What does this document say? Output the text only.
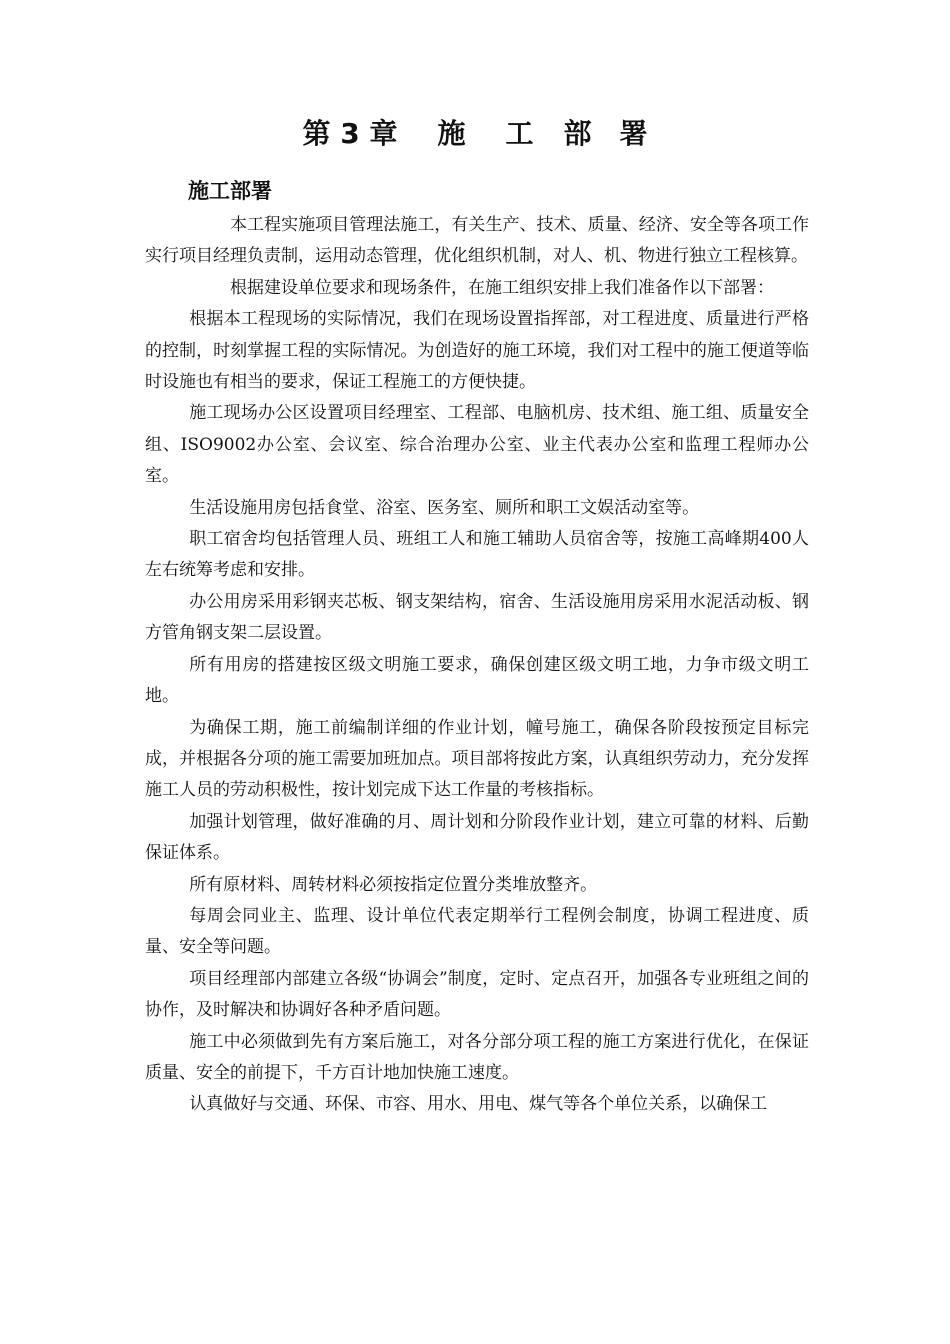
第 3 章 施 工 部 署
施工部署

本工程实施项目管理法施工，有关生产、技术、质量、经济、安全等各项工作实行项目经理负责制，运用动态管理，优化组织机制，对人、机、物进行独立工程核算。

根据建设单位要求和现场条件，在施工组织安排上我们准备作以下部署：

根据本工程现场的实际情况，我们在现场设置指挥部，对工程进度、质量进行严格的控制，时刻掌握工程的实际情况。为创造好的施工环境，我们对工程中的施工便道等临时设施也有相当的要求，保证工程施工的方便快捷。

施工现场办公区设置项目经理室、工程部、电脑机房、技术组、施工组、质量安全组、ISO9002办公室、会议室、综合治理办公室、业主代表办公室和监理工程师办公室。

生活设施用房包括食堂、浴室、医务室、厕所和职工文娱活动室等。

职工宿舍均包括管理人员、班组工人和施工辅助人员宿舍等，按施工高峰期400人左右统筹考虑和安排。

办公用房采用彩钢夹芯板、钢支架结构，宿舍、生活设施用房采用水泥活动板、钢方管角钢支架二层设置。

所有用房的搭建按区级文明施工要求，确保创建区级文明工地，力争市级文明工地。

为确保工期，施工前编制详细的作业计划，幢号施工，确保各阶段按预定目标完成，并根据各分项的施工需要加班加点。项目部将按此方案，认真组织劳动力，充分发挥施工人员的劳动积极性，按计划完成下达工作量的考核指标。

加强计划管理，做好准确的月、周计划和分阶段作业计划，建立可靠的材料、后勤保证体系。

所有原材料、周转材料必须按指定位置分类堆放整齐。

每周会同业主、监理、设计单位代表定期举行工程例会制度，协调工程进度、质量、安全等问题。

项目经理部内部建立各级“协调会”制度，定时、定点召开，加强各专业班组之间的协作，及时解决和协调好各种矛盾问题。

施工中必须做到先有方案后施工，对各分部分项工程的施工方案进行优化，在保证质量、安全的前提下，千方百计地加快施工速度。

认真做好与交通、环保、市容、用水、用电、煤气等各个单位关系，以确保工
